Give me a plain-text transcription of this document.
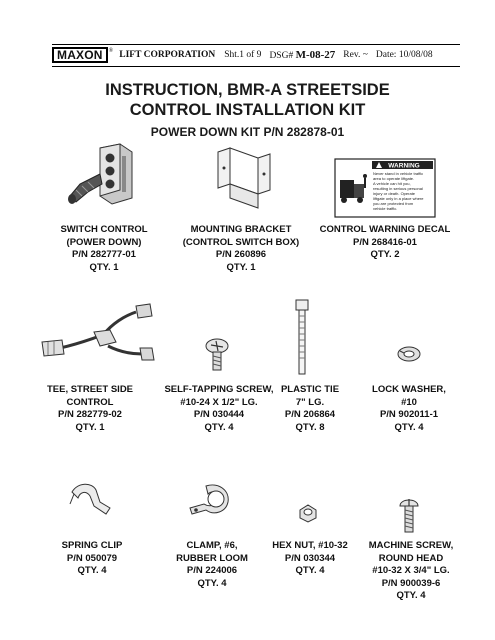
MAXON	® LIFT CORPORATION Sht.1 of 9 DSG# M-08-27 Rev. ~ Date: 10/08/08
INSTRUCTION, BMR-A STREETSIDE
CONTROL INSTALLATION KIT
POWER DOWN KIT P/N 282878-01
WARNING
Never stand in vehicle traffic
area to operate liftgate.
A vehicle can hit you,
resulting in serious personal
injury or death. Operate
liftgate only in a place where
you are protected from
vehicle traffic.
SWITCH CONTROL
(POWER DOWN)
P/N 282777-01
QTY. 1
MOUNTING BRACKET
(CONTROL SWITCH BOX)
P/N 260896
QTY. 1
CONTROL WARNING DECAL
P/N 268416-01
QTY. 2
TEE, STREET SIDE
CONTROL
P/N 282779-02
QTY. 1
SELF-TAPPING SCREW,
#10-24 X 1/2" LG.
P/N 030444
QTY. 4
PLASTIC TIE
7" LG.
P/N 206864
QTY. 8
LOCK WASHER,
#10
P/N 902011-1
QTY. 4
SPRING CLIP
P/N 050079
QTY. 4
CLAMP, #6,
RUBBER LOOM
P/N 224006
QTY. 4
HEX NUT, #10-32
P/N 030344
QTY. 4
MACHINE SCREW,
ROUND HEAD
#10-32 X 3/4" LG.
P/N 900039-6
QTY. 4
